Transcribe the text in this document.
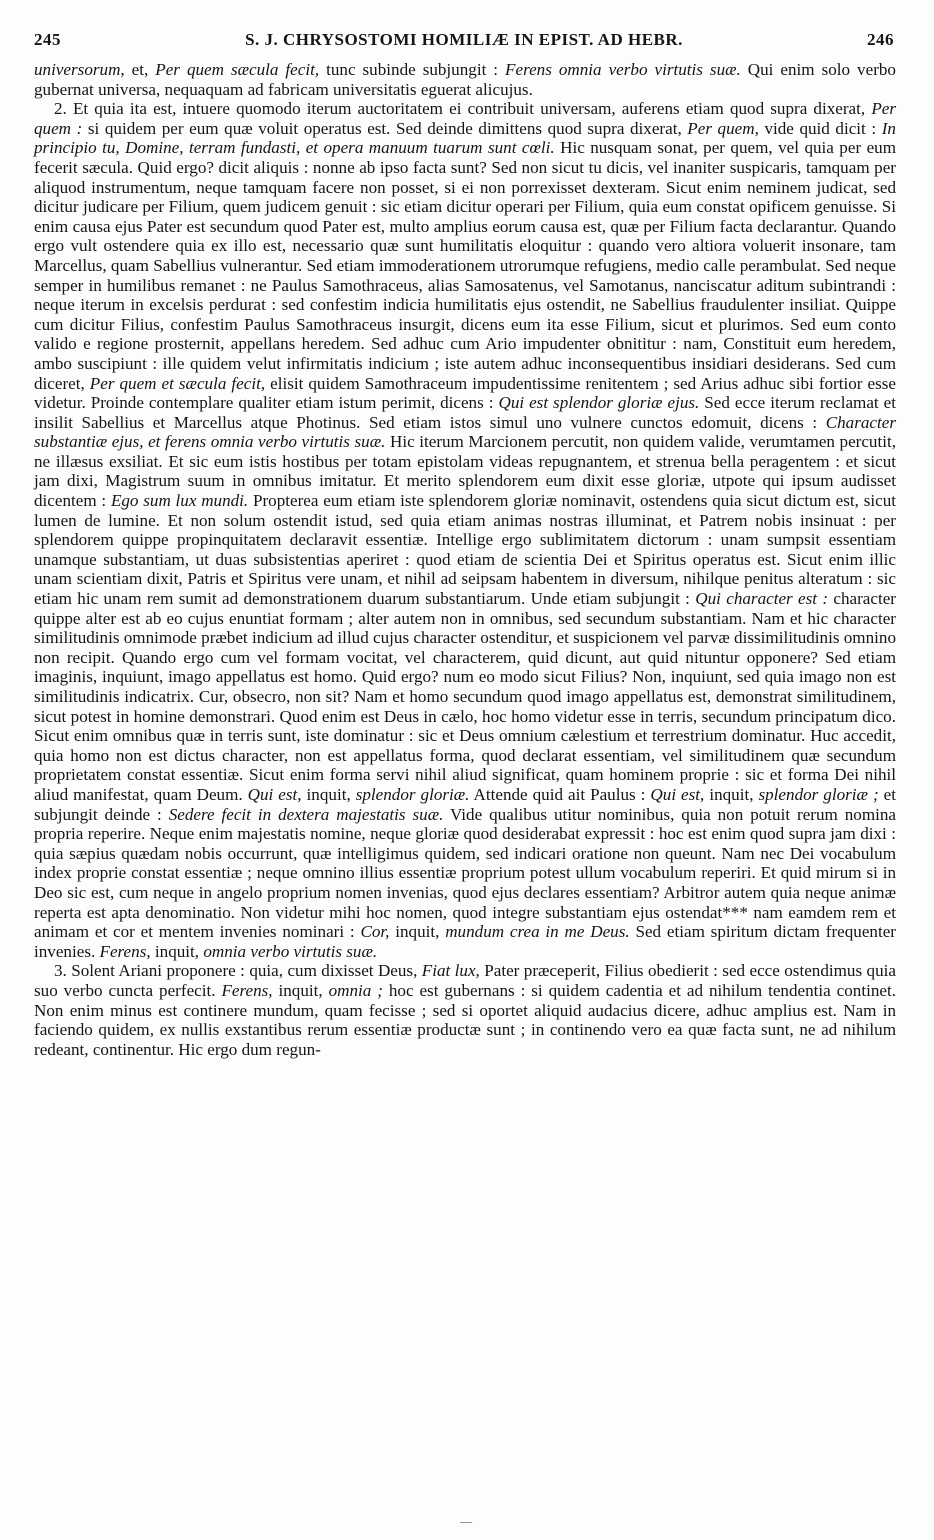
245	S. J. CHRYSOSTOMI HOMILIÆ IN EPIST. AD HEBR.	246

universorum, et, Per quem sæcula fecit, tunc subinde subjungit : Ferens omnia verbo virtutis suæ. Qui enim solo verbo gubernat universa, nequaquam ad fabricam universitatis eguerat alicujus.

2. Et quia ita est, intuere quomodo iterum auctoritatem ei contribuit universam, auferens etiam quod supra dixerat, Per quem : si quidem per eum quæ voluit operatus est. Sed deinde dimittens quod supra dixerat, Per quem, vide quid dicit : In principio tu, Domine, terram fundasti, et opera manuum tuarum sunt cœli. Hic nusquam sonat, per quem, vel quia per eum fecerit sæcula. Quid ergo? dicit aliquis : nonne ab ipso facta sunt? Sed non sicut tu dicis, vel inaniter suspicaris, tamquam per aliquod instrumentum, neque tamquam facere non posset, si ei non porrexisset dexteram. Sicut enim neminem judicat, sed dicitur judicare per Filium, quem judicem genuit : sic etiam dicitur operari per Filium, quia eum constat opificem genuisse. Si enim causa ejus Pater est secundum quod Pater est, multo amplius eorum causa est, quæ per Filium facta declarantur. Quando ergo vult ostendere quia ex illo est, necessario quæ sunt humilitatis eloquitur : quando vero altiora voluerit insonare, tam Marcellus, quam Sabellius vulnerantur. Sed etiam immoderationem utrorumque refugiens, medio calle perambulat. Sed neque semper in humilibus remanet : ne Paulus Samothraceus, alias Samosatenus, vel Samotanus, nanciscatur aditum subintrandi : neque iterum in excelsis perdurat : sed confestim indicia humilitatis ejus ostendit, ne Sabellius fraudulenter insiliat. Quippe cum dicitur Filius, confestim Paulus Samothraceus insurgit, dicens eum ita esse Filium, sicut et plurimos. Sed eum conto valido e regione prosternit, appellans heredem. Sed adhuc cum Ario impudenter obnititur : nam, Constituit eum heredem, ambo suscipiunt : ille quidem velut infirmitatis indicium ; iste autem adhuc inconsequentibus insidiari desiderans. Sed cum diceret, Per quem et sæcula fecit, elisit quidem Samothraceum impudentissime renitentem ; sed Arius adhuc sibi fortior esse videtur. Proinde contemplare qualiter etiam istum perimit, dicens : Qui est splendor gloriæ ejus. Sed ecce iterum reclamat et insilit Sabellius et Marcellus atque Photinus. Sed etiam istos simul uno vulnere cunctos edomuit, dicens : Character substantiæ ejus, et ferens omnia verbo virtutis suæ. Hic iterum Marcionem percutit, non quidem valide, verumtamen percutit, ne illæsus exsiliat. Et sic eum istis hostibus per totam epistolam videas repugnantem, et strenua bella peragentem : et sicut jam dixi, Magistrum suum in omnibus imitatur. Et merito splendorem eum dixit esse gloriæ, utpote qui ipsum audisset dicentem : Ego sum lux mundi. Propterea eum etiam iste splendorem gloriæ nominavit, ostendens quia sicut dictum est, sicut lumen de lumine. Et non solum ostendit istud, sed quia etiam animas nostras illuminat, et Patrem nobis insinuat : per splendorem quippe propinquitatem declaravit essentiæ. Intellige ergo sublimitatem dictorum : unam sumpsit essentiam unamque substantiam, ut duas subsistentias aperiret : quod etiam de scientia Dei et Spiritus operatus est. Sicut enim illic unam scientiam dixit, Patris et Spiritus vere unam, et nihil ad seipsam habentem in diversum, nihilque penitus alteratum : sic etiam hic unam rem sumit ad demonstrationem duarum substantiarum. Unde etiam subjungit : Qui character est : character quippe alter est ab eo cujus enuntiat formam ; alter autem non in omnibus, sed secundum substantiam. Nam et hic character similitudinis omnimode præbet indicium ad illud cujus character ostenditur, et suspicionem vel parvæ dissimilitudinis omnino non recipit. Quando ergo cum vel formam vocitat, vel characterem, quid dicunt, aut quid nituntur opponere? Sed etiam imaginis, inquiunt, imago appellatus est homo. Quid ergo? num eo modo sicut Filius? Non, inquiunt, sed quia imago non est similitudinis indicatrix. Cur, obsecro, non sit? Nam et homo secundum quod imago appellatus est, demonstrat similitudinem, sicut potest in homine demonstrari. Quod enim est Deus in cælo, hoc homo videtur esse in terris, secundum principatum dico. Sicut enim omnibus quæ in terris sunt, iste dominatur : sic et Deus omnium cælestium et terrestrium dominatur. Huc accedit, quia homo non est dictus character, non est appellatus forma, quod declarat essentiam, vel similitudinem quæ secundum proprietatem constat essentiæ. Sicut enim forma servi nihil aliud significat, quam hominem proprie : sic et forma Dei nihil aliud manifestat, quam Deum. Qui est, inquit, splendor gloriæ. Attende quid ait Paulus : Qui est, inquit, splendor gloriæ ; et subjungit deinde : Sedere fecit in dextera majestatis suæ. Vide qualibus utitur nominibus, quia non potuit rerum nomina propria reperire. Neque enim majestatis nomine, neque gloriæ quod desiderabat expressit : hoc est enim quod supra jam dixi : quia sæpius quædam nobis occurrunt, quæ intelligimus quidem, sed indicari oratione non queunt. Nam nec Dei vocabulum index proprie constat essentiæ ; neque omnino illius essentiæ proprium potest ullum vocabulum reperiri. Et quid mirum si in Deo sic est, cum neque in angelo proprium nomen invenias, quod ejus declares essentiam? Arbitror autem quia neque animæ reperta est apta denominatio. Non videtur mihi hoc nomen, quod integre substantiam ejus ostendat*** nam eamdem rem et animam et cor et mentem invenies nominari : Cor, inquit, mundum crea in me Deus. Sed etiam spiritum dictam frequenter invenies. Ferens, inquit, omnia verbo virtutis suæ.

3. Solent Ariani proponere : quia, cum dixisset Deus, Fiat lux, Pater præceperit, Filius obedierit : sed ecce ostendimus quia suo verbo cuncta perfecit. Ferens, inquit, omnia ; hoc est gubernans : si quidem cadentia et ad nihilum tendentia continet. Non enim minus est continere mundum, quam fecisse ; sed si oportet aliquid audacius dicere, adhuc amplius est. Nam in faciendo quidem, ex nullis exstantibus rerum essentiæ productæ sunt ; in continendo vero ea quæ facta sunt, ne ad nihilum redeant, continentur. Hic ergo dum regun-

—
